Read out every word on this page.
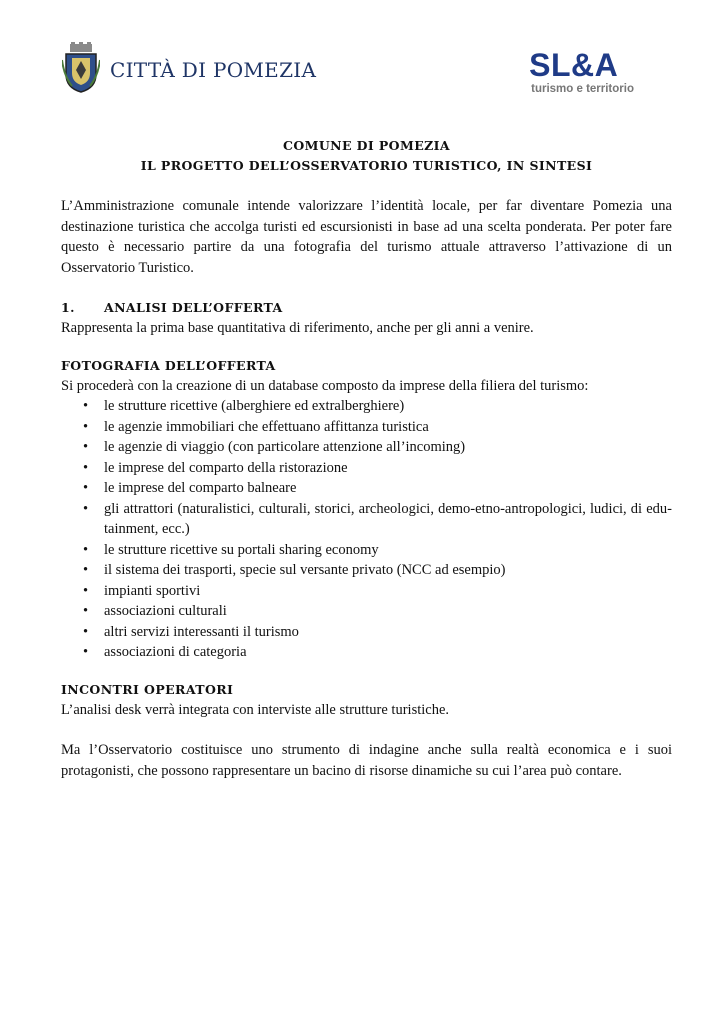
CITTÀ DI POMEZIA	SL&A
turismo e territorio
COMUNE DI POMEZIA
IL PROGETTO DELL’OSSERVATORIO TURISTICO, IN SINTESI

L’Amministrazione comunale intende valorizzare l’identità locale, per far diventare Pomezia una destinazione turistica che accolga turisti ed escursionisti in base ad una scelta ponderata. Per poter fare questo è necessario partire da una fotografia del turismo attuale attraverso l’attivazione di un Osservatorio Turistico.

1.	ANALISI DELL’OFFERTA

Rappresenta la prima base quantitativa di riferimento, anche per gli anni a venire.

FOTOGRAFIA DELL’OFFERTA

Si procederà con la creazione di un database composto da imprese della filiera del turismo:

• le strutture ricettive (alberghiere ed extralberghiere)
• le agenzie immobiliari che effettuano affittanza turistica
• le agenzie di viaggio (con particolare attenzione all’incoming)
• le imprese del comparto della ristorazione
• le imprese del comparto balneare
• gli attrattori (naturalistici, culturali, storici, archeologici, demo-etno-antropologici, ludici, di edu-tainment, ecc.)
• le strutture ricettive su portali sharing economy
• il sistema dei trasporti, specie sul versante privato (NCC ad esempio)
• impianti sportivi
• associazioni culturali
• altri servizi interessanti il turismo
• associazioni di categoria
INCONTRI OPERATORI

L’analisi desk verrà integrata con interviste alle strutture turistiche.

Ma l’Osservatorio costituisce uno strumento di indagine anche sulla realtà economica e i suoi protagonisti, che possono rappresentare un bacino di risorse dinamiche su cui l’area può contare.
